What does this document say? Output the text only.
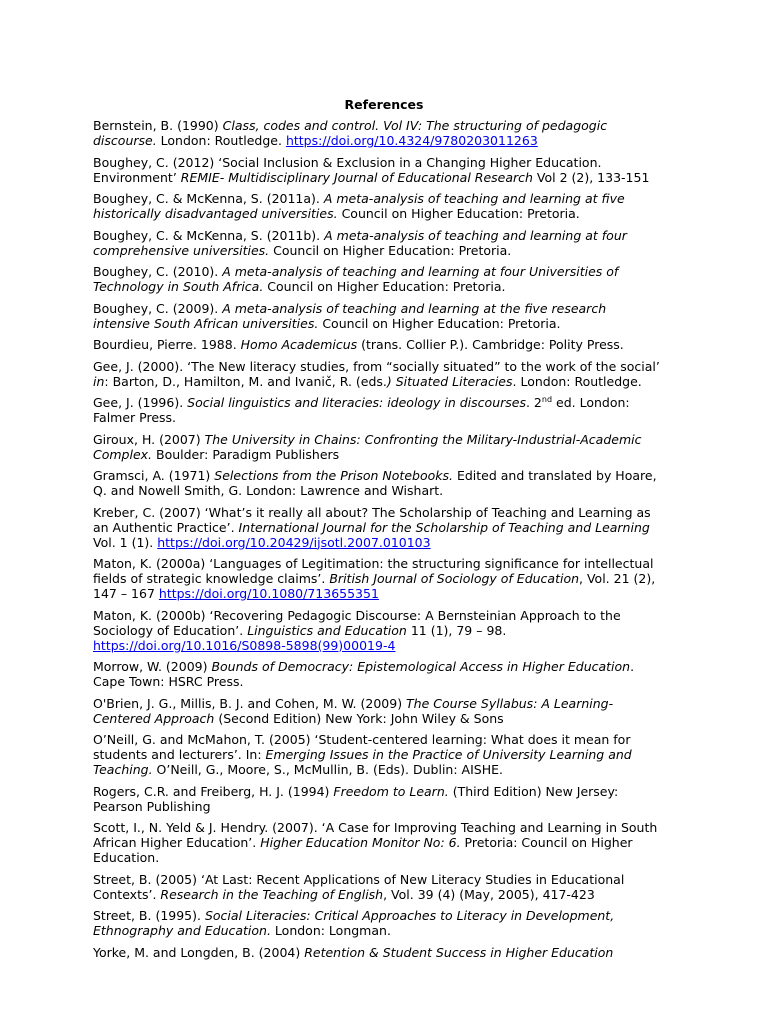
References
Bernstein, B. (1990) Class, codes and control. Vol IV: The structuring of pedagogic discourse. London: Routledge. https://doi.org/10.4324/9780203011263
Boughey, C. (2012) ‘Social Inclusion & Exclusion in a Changing Higher Education. Environment’ REMIE- Multidisciplinary Journal of Educational Research Vol 2 (2), 133-151
Boughey, C. & McKenna, S. (2011a). A meta-analysis of teaching and learning at five historically disadvantaged universities. Council on Higher Education: Pretoria.
Boughey, C. & McKenna, S. (2011b). A meta-analysis of teaching and learning at four comprehensive universities. Council on Higher Education: Pretoria.
Boughey, C. (2010). A meta-analysis of teaching and learning at four Universities of Technology in South Africa. Council on Higher Education: Pretoria.
Boughey, C. (2009). A meta-analysis of teaching and learning at the five research intensive South African universities. Council on Higher Education: Pretoria.
Bourdieu, Pierre. 1988. Homo Academicus (trans. Collier P.). Cambridge: Polity Press.
Gee, J. (2000). ‘The New literacy studies, from “socially situated” to the work of the social’ in: Barton, D., Hamilton, M. and Ivanič, R. (eds.) Situated Literacies. London: Routledge.
Gee, J. (1996). Social linguistics and literacies: ideology in discourses. 2nd ed. London: Falmer Press.
Giroux, H. (2007) The University in Chains: Confronting the Military-Industrial-Academic Complex. Boulder: Paradigm Publishers
Gramsci, A. (1971) Selections from the Prison Notebooks. Edited and translated by Hoare, Q. and Nowell Smith, G. London: Lawrence and Wishart.
Kreber, C. (2007) ‘What’s it really all about? The Scholarship of Teaching and Learning as an Authentic Practice’. International Journal for the Scholarship of Teaching and Learning Vol. 1 (1). https://doi.org/10.20429/ijsotl.2007.010103
Maton, K. (2000a) ‘Languages of Legitimation: the structuring significance for intellectual fields of strategic knowledge claims’. British Journal of Sociology of Education, Vol. 21 (2), 147 – 167 https://doi.org/10.1080/713655351
Maton, K. (2000b) ‘Recovering Pedagogic Discourse: A Bernsteinian Approach to the Sociology of Education’. Linguistics and Education 11 (1), 79 – 98. https://doi.org/10.1016/S0898-5898(99)00019-4
Morrow, W. (2009) Bounds of Democracy: Epistemological Access in Higher Education. Cape Town: HSRC Press.
O'Brien, J. G., Millis, B. J. and Cohen, M. W. (2009) The Course Syllabus: A Learning-Centered Approach (Second Edition) New York: John Wiley & Sons
O’Neill, G. and McMahon, T. (2005) ‘Student-centered learning: What does it mean for students and lecturers’. In: Emerging Issues in the Practice of University Learning and Teaching. O’Neill, G., Moore, S., McMullin, B. (Eds). Dublin: AISHE.
Rogers, C.R. and Freiberg, H. J. (1994) Freedom to Learn. (Third Edition) New Jersey: Pearson Publishing
Scott, I., N. Yeld & J. Hendry. (2007). ‘A Case for Improving Teaching and Learning in South African Higher Education’. Higher Education Monitor No: 6. Pretoria: Council on Higher Education.
Street, B. (2005) ‘At Last: Recent Applications of New Literacy Studies in Educational Contexts’. Research in the Teaching of English, Vol. 39 (4) (May, 2005), 417-423
Street, B. (1995). Social Literacies: Critical Approaches to Literacy in Development, Ethnography and Education. London: Longman.
Yorke, M. and Longden, B. (2004) Retention & Student Success in Higher Education
